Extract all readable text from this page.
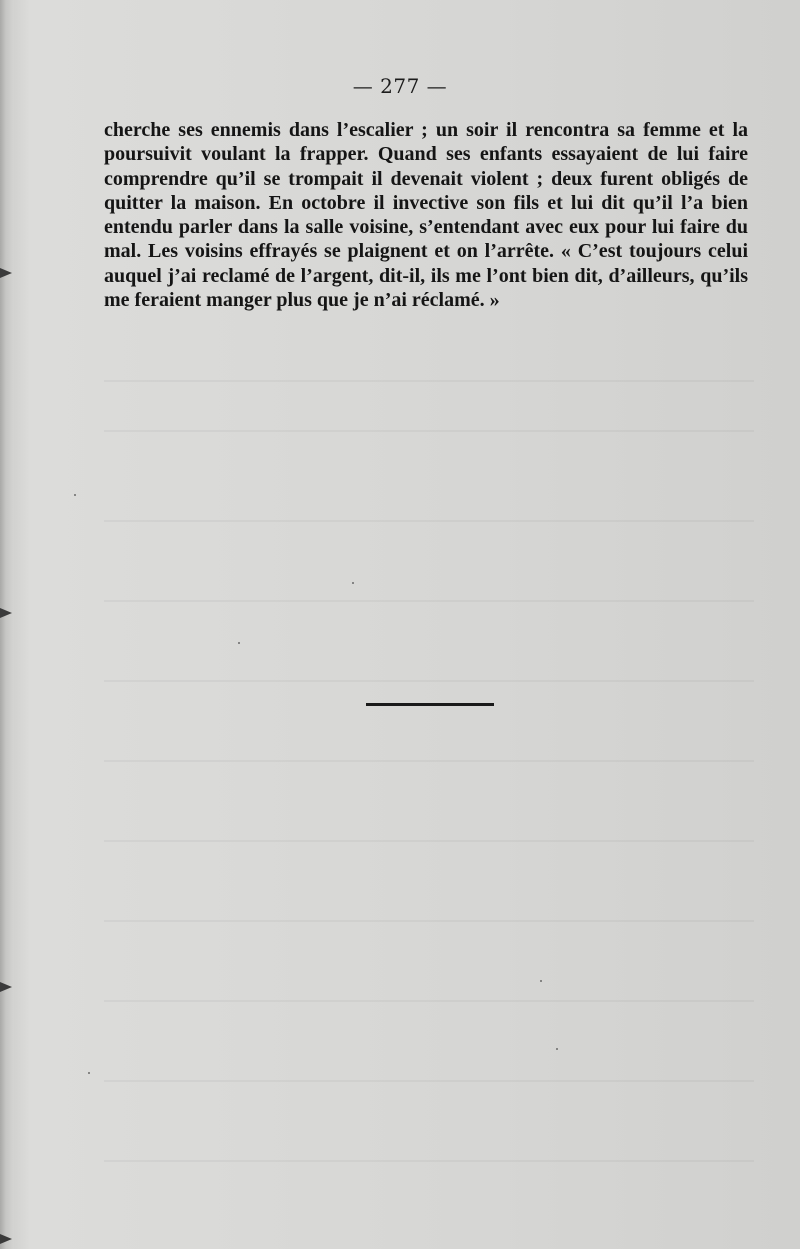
— 277 —

cherche ses ennemis dans l’escalier ; un soir il rencontra sa femme et la poursuivit voulant la frapper. Quand ses enfants essayaient de lui faire comprendre qu’il se trompait il devenait violent ; deux furent obligés de quitter la maison. En octobre il invective son fils et lui dit qu’il l’a bien entendu parler dans la salle voisine, s’entendant avec eux pour lui faire du mal. Les voisins effrayés se plaignent et on l’arrête. « C’est toujours celui auquel j’ai reclamé de l’argent, dit-il, ils me l’ont bien dit, d’ailleurs, qu’ils me feraient manger plus que je n’ai réclamé. »
